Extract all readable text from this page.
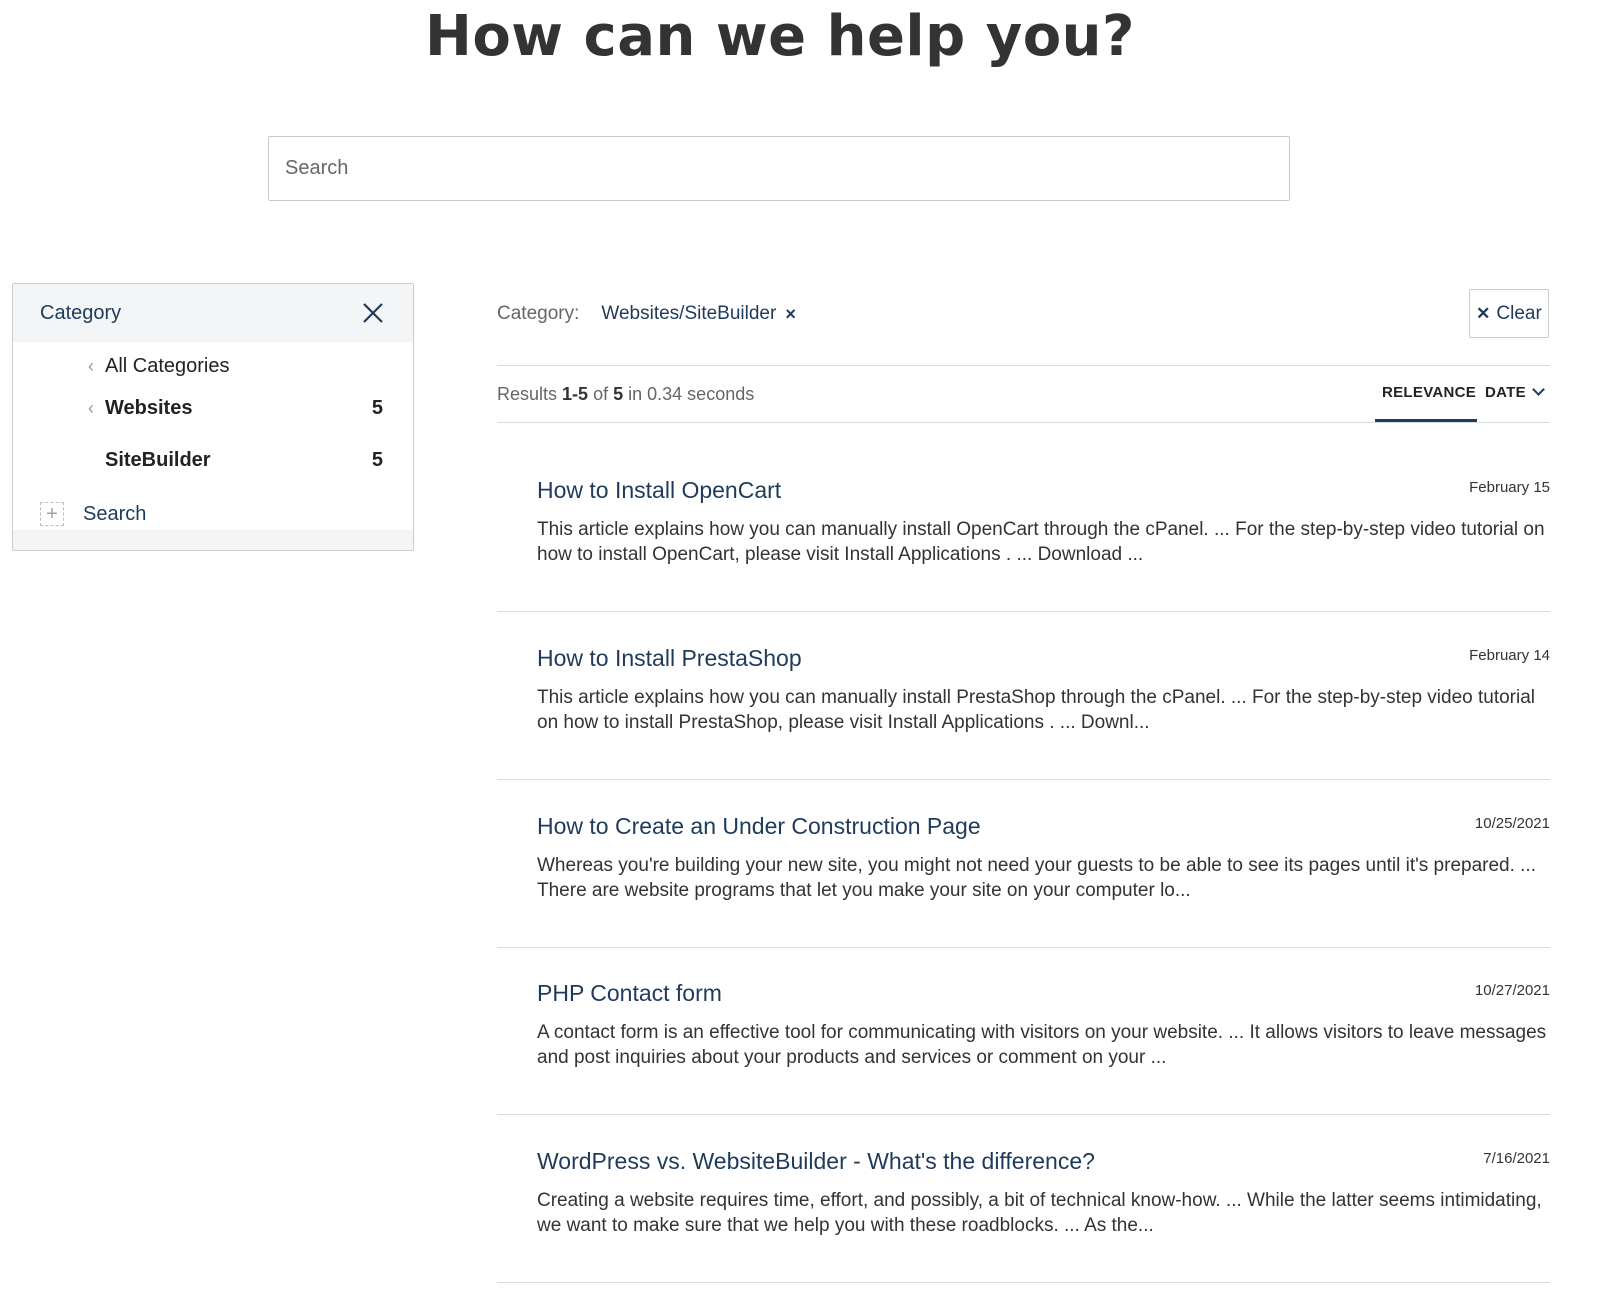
How can we help you?
Search
Category
‹ All Categories
‹ Websites	5
SiteBuilder	5
+	Search
Category: Websites/SiteBuilder ×	✕ Clear
Results 1-5 of 5 in 0.34 seconds	RELEVANCE DATE
How to Install OpenCart	February 15

This article explains how you can manually install OpenCart through the cPanel. ... For the step-by-step video tutorial on how to install OpenCart, please visit Install Applications . ... Download ...

How to Install PrestaShop	February 14

This article explains how you can manually install PrestaShop through the cPanel. ... For the step-by-step video tutorial on how to install PrestaShop, please visit Install Applications . ... Downl...

How to Create an Under Construction Page	10/25/2021

Whereas you're building your new site, you might not need your guests to be able to see its pages until it's prepared. ... There are website programs that let you make your site on your computer lo...

PHP Contact form	10/27/2021

A contact form is an effective tool for communicating with visitors on your website. ... It allows visitors to leave messages and post inquiries about your products and services or comment on your ...

WordPress vs. WebsiteBuilder - What's the difference?	7/16/2021

Creating a website requires time, effort, and possibly, a bit of technical know-how. ... While the latter seems intimidating, we want to make sure that we help you with these roadblocks. ... As the...
